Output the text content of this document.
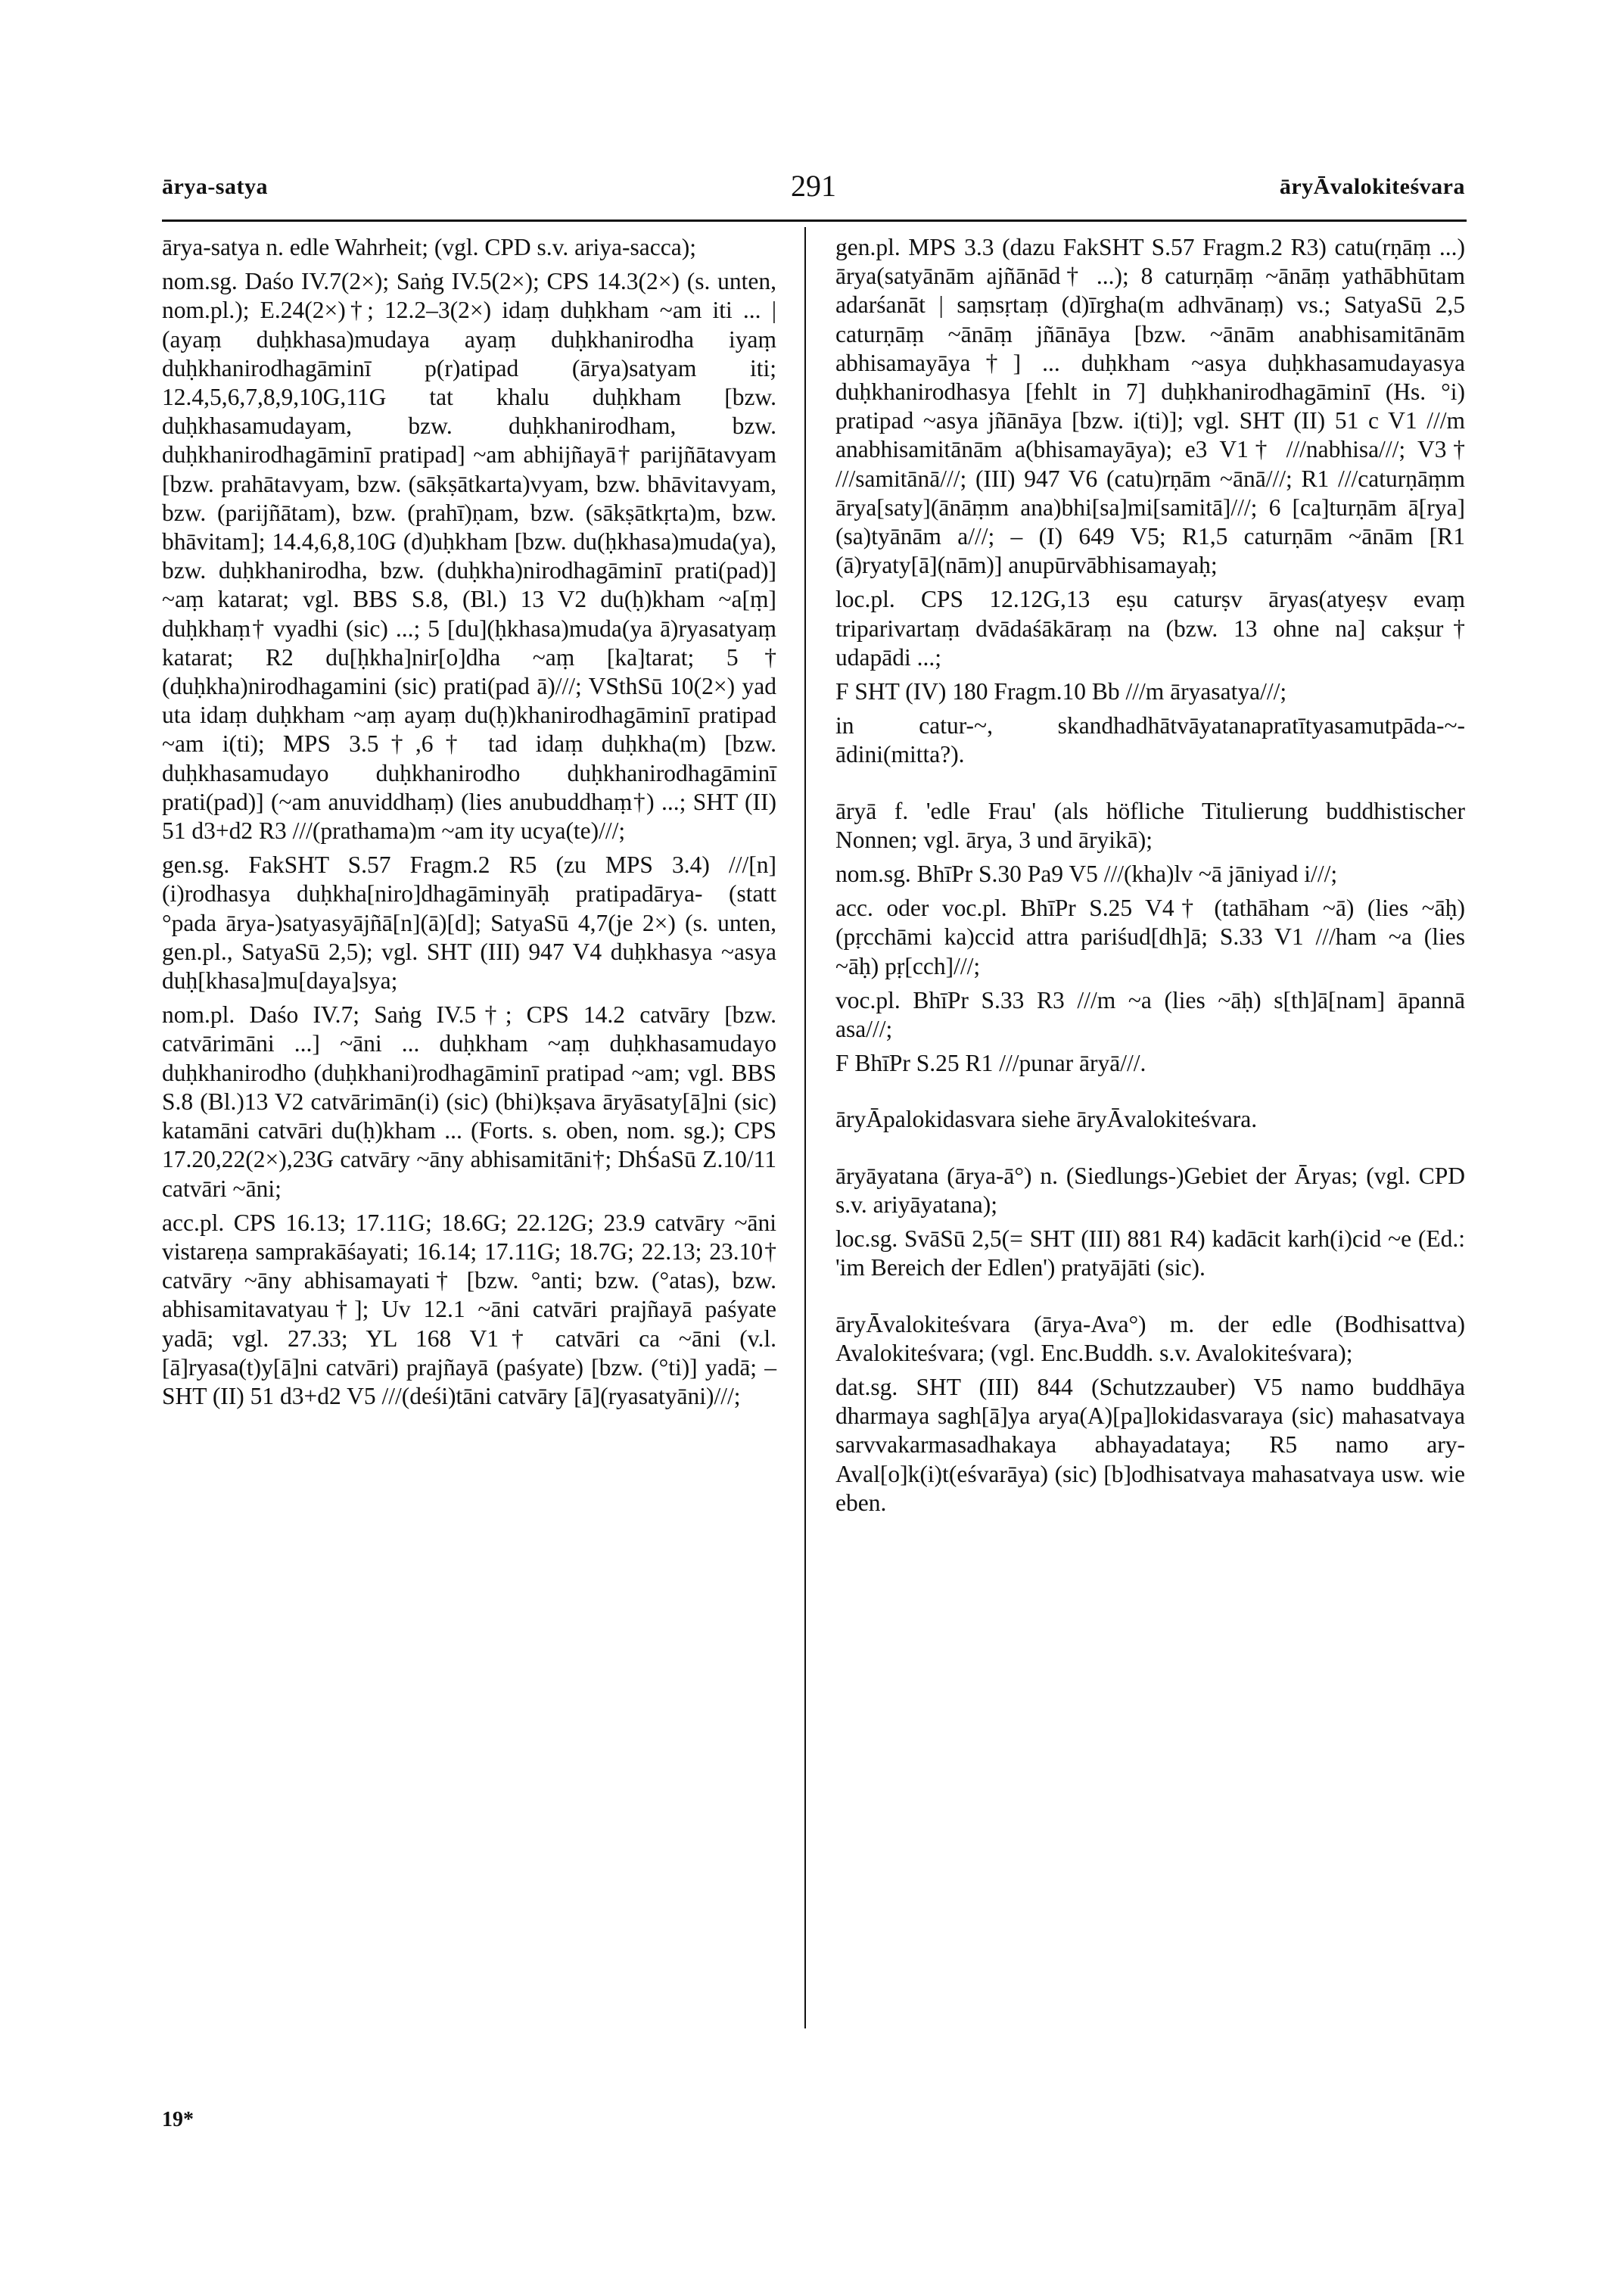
ārya-satya	291	āryĀvalokiteśvara

ārya-satya n. edle Wahrheit; (vgl. CPD s.v. ariya-sacca);

nom.sg. Daśo IV.7(2×); Saṅg IV.5(2×); CPS 14.3(2×) (s. unten, nom.pl.); E.24(2×)†; 12.2–3(2×) idaṃ duḥkham ~am iti ... | (ayaṃ duḥkhasa)mudaya ayaṃ duḥkhanirodha iyaṃ duḥkhanirodhagāminī p(r)atipad (ārya)satyam iti; 12.4,5,6,7,8,9,10G,11G tat khalu duḥkham [bzw. duḥkhasamudayam, bzw. duḥkhanirodham, bzw. duḥkhanirodhagāminī pratipad] ~am abhijñayā† parijñātavyam [bzw. prahātavyam, bzw. (sākṣātkarta)vyam, bzw. bhāvitavyam, bzw. (parijñātam), bzw. (prahī)ṇam, bzw. (sākṣātkṛta)m, bzw. bhāvitam]; 14.4,6,8,10G (d)uḥkham [bzw. du(ḥkhasa)muda(ya), bzw. duḥkhanirodha, bzw. (duḥkha)nirodhagāminī prati(pad)] ~aṃ katarat; vgl. BBS S.8, (Bl.) 13 V2 du(ḥ)kham ~a[ṃ] duḥkhaṃ† vyadhi (sic) ...; 5 [du](ḥkhasa)muda(ya ā)ryasatyaṃ katarat; R2 du[ḥkha]nir[o]dha ~aṃ [ka]tarat; 5† (duḥkha)nirodhagamini (sic) prati(pad ā)///; VSthSū 10(2×) yad uta idaṃ duḥkham ~aṃ ayaṃ du(ḥ)khanirodhagāminī pratipad ~am i(ti); MPS 3.5†,6† tad idaṃ duḥkha(m) [bzw. duḥkhasamudayo duḥkhanirodho duḥkhanirodhagāminī prati(pad)] (~am anuviddhaṃ) (lies anubuddhaṃ†) ...; SHT (II) 51 d3+d2 R3 ///(prathama)m ~am ity ucya(te)///;

gen.sg. FakSHT S.57 Fragm.2 R5 (zu MPS 3.4) ///[n](i)rodhasya duḥkha[niro]dhagāminyāḥ pratipadārya- (statt °pada ārya-)satyasyājñā[n](ā)[d]; SatyaSū 4,7(je 2×) (s. unten, gen.pl., SatyaSū 2,5); vgl. SHT (III) 947 V4 duḥkhasya ~asya duḥ[khasa]mu[daya]sya;

nom.pl. Daśo IV.7; Saṅg IV.5†; CPS 14.2 catvāry [bzw. catvārimāni ...] ~āni ... duḥkham ~aṃ duḥkhasamudayo duḥkhanirodho (duḥkhani)rodhagāminī pratipad ~am; vgl. BBS S.8 (Bl.)13 V2 catvārimān(i) (sic) (bhi)kṣava āryāsaty[ā]ni (sic) katamāni catvāri du(ḥ)kham ... (Forts. s. oben, nom. sg.); CPS 17.20,22(2×),23G catvāry ~āny abhisamitāni†; DhŚaSū Z.10/11 catvāri ~āni;

acc.pl. CPS 16.13; 17.11G; 18.6G; 22.12G; 23.9 catvāry ~āni vistareṇa samprakāśayati; 16.14; 17.11G; 18.7G; 22.13; 23.10† catvāry ~āny abhisamayati† [bzw. °anti; bzw. (°atas), bzw. abhisamitavatyau†]; Uv 12.1 ~āni catvāri prajñayā paśyate yadā; vgl. 27.33; YL 168 V1† catvāri ca ~āni (v.l. [ā]ryasa(t)y[ā]ni catvāri) prajñayā (paśyate) [bzw. (°ti)] yadā; – SHT (II) 51 d3+d2 V5 ///(deśi)tāni catvāry [ā](ryasatyāni)///;

gen.pl. MPS 3.3 (dazu FakSHT S.57 Fragm.2 R3) catu(rṇāṃ ...) ārya(satyānām ajñānād† ...); 8 caturṇāṃ ~ānāṃ yathābhūtam adarśanāt | saṃsṛtaṃ (d)īrgha(m adhvānaṃ) vs.; SatyaSū 2,5 caturṇāṃ ~ānāṃ jñānāya [bzw. ~ānām anabhisamitānām abhisamayāya†] ... duḥkham ~asya duḥkhasamudayasya duḥkhanirodhasya [fehlt in 7] duḥkhanirodhagāminī (Hs. °i) pratipad ~asya jñānāya [bzw. i(ti)]; vgl. SHT (II) 51 c V1 ///m anabhisamitānām a(bhisamayāya); e3 V1† ///nabhisa///; V3† ///samitānā///; (III) 947 V6 (catu)rṇām ~ānā///; R1 ///caturṇāṃm ārya[saty](ānāṃm ana)bhi[sa]mi[samitā]///; 6 [ca]turṇām ā[rya](sa)tyānām a///; – (I) 649 V5; R1,5 caturṇām ~ānām [R1 (ā)ryaty[ā](nām)] anupūrvābhisamayaḥ;

loc.pl. CPS 12.12G,13 eṣu caturṣv āryas(atyeṣv evaṃ triparivartaṃ dvādaśākāraṃ na (bzw. 13 ohne na] cakṣur† udapādi ...;

F SHT (IV) 180 Fragm.10 Bb ///m āryasatya///;

in catur-~, skandhadhātvāyatanapratītyasamutpāda-~-ādini(mitta?).

āryā f. 'edle Frau' (als höfliche Titulierung buddhistischer Nonnen; vgl. ārya, 3 und āryikā);

nom.sg. BhīPr S.30 Pa9 V5 ///(kha)lv ~ā jāniyad i///;

acc. oder voc.pl. BhīPr S.25 V4† (tathāham ~ā) (lies ~āḥ) (pṛcchāmi ka)ccid attra pariśud[dh]ā; S.33 V1 ///ham ~a (lies ~āḥ) pṛ[cch]///;

voc.pl. BhīPr S.33 R3 ///m ~a (lies ~āḥ) s[th]ā[nam] āpannā asa///;

F BhīPr S.25 R1 ///punar āryā///.

āryĀpalokidasvara siehe āryĀvalokiteśvara.

āryāyatana (ārya-ā°) n. (Siedlungs-)Gebiet der Āryas; (vgl. CPD s.v. ariyāyatana);

loc.sg. SvāSū 2,5(= SHT (III) 881 R4) kadācit karh(i)cid ~e (Ed.: 'im Bereich der Edlen') pratyājāti (sic).

āryĀvalokiteśvara (ārya-Ava°) m. der edle (Bodhisattva) Avalokiteśvara; (vgl. Enc.Buddh. s.v. Avalokiteśvara);

dat.sg. SHT (III) 844 (Schutzzauber) V5 namo buddhāya dharmaya sagh[ā]ya arya(A)[pa]lokidasvaraya (sic) mahasatvaya sarvvakarmasadhakaya abhayadataya; R5 namo ary-Aval[o]k(i)t(eśvarāya) (sic) [b]odhisatvaya mahasatvaya usw. wie eben.

19*
